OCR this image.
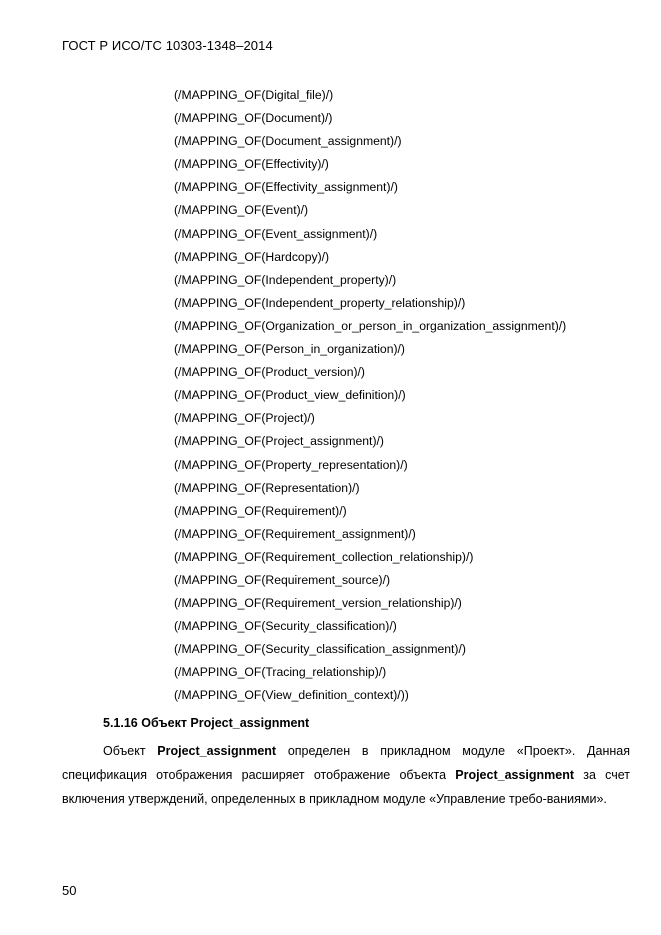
ГОСТ Р ИСО/ТС 10303-1348–2014
(/MAPPING_OF(Digital_file)/)
(/MAPPING_OF(Document)/)
(/MAPPING_OF(Document_assignment)/)
(/MAPPING_OF(Effectivity)/)
(/MAPPING_OF(Effectivity_assignment)/)
(/MAPPING_OF(Event)/)
(/MAPPING_OF(Event_assignment)/)
(/MAPPING_OF(Hardcopy)/)
(/MAPPING_OF(Independent_property)/)
(/MAPPING_OF(Independent_property_relationship)/)
(/MAPPING_OF(Organization_or_person_in_organization_assignment)/)
(/MAPPING_OF(Person_in_organization)/)
(/MAPPING_OF(Product_version)/)
(/MAPPING_OF(Product_view_definition)/)
(/MAPPING_OF(Project)/)
(/MAPPING_OF(Project_assignment)/)
(/MAPPING_OF(Property_representation)/)
(/MAPPING_OF(Representation)/)
(/MAPPING_OF(Requirement)/)
(/MAPPING_OF(Requirement_assignment)/)
(/MAPPING_OF(Requirement_collection_relationship)/)
(/MAPPING_OF(Requirement_source)/)
(/MAPPING_OF(Requirement_version_relationship)/)
(/MAPPING_OF(Security_classification)/)
(/MAPPING_OF(Security_classification_assignment)/)
(/MAPPING_OF(Tracing_relationship)/)
(/MAPPING_OF(View_definition_context)/))
5.1.16 Объект Project_assignment

Объект Project_assignment определен в прикладном модуле «Проект». Данная спецификация отображения расширяет отображение объекта Project_assignment за счет включения утверждений, определенных в прикладном модуле «Управление требо-ваниями».

50
